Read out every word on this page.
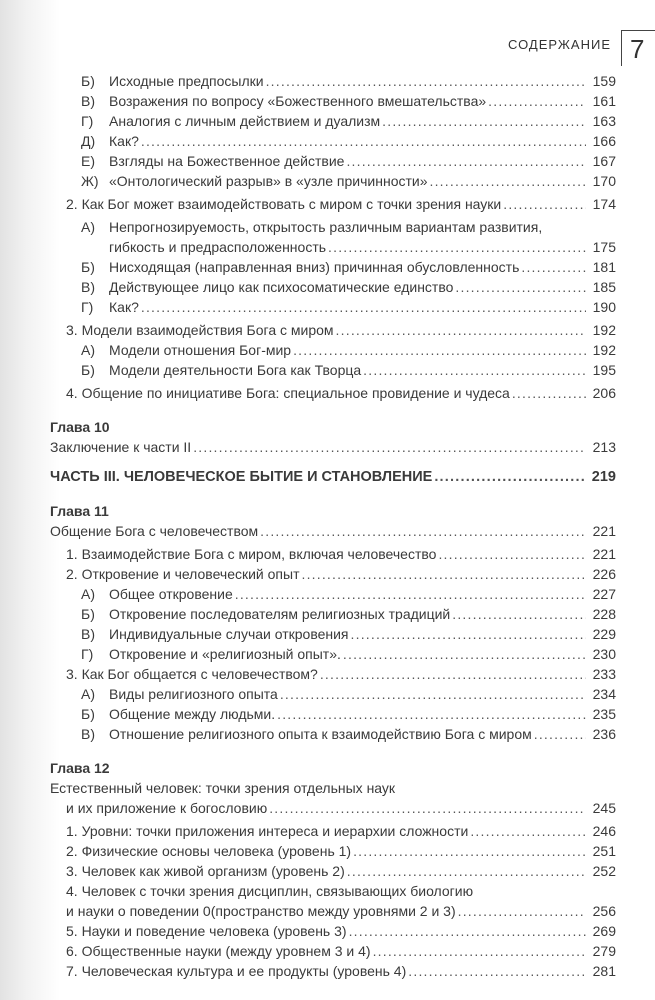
СОДЕРЖАНИЕ 7
Б)	Исходные предпосылки .....	159
В)	Возражения по вопросу «Божественного вмешательства» .....	161
Г)	Аналогия с личным действием и дуализм .....	163
Д) Как? .....	166
Е)	Взгляды на Божественное действие .....	167
Ж) «Онтологический разрыв» в «узле причинности» .....	170
2. Как Бог может взаимодействовать с миром с точки зрения науки .....	174
А)	Непрогнозируемость, открытость различным вариантам развития,
гибкость и предрасположенность .....	175
Б)	Нисходящая (направленная вниз) причинная обусловленность .....	181
В)	Действующее лицо как психосоматические единство .....	185
Г)	Как? .....	190
3. Модели взаимодействия Бога с миром .....	192
А)	Модели отношения Бог-мир .....	192
Б)	Модели деятельности Бога как Творца .....	195
4. Общение по инициативе Бога: специальное провидение и чудеса .....	206
Глава 10
Заключение к части II .....	213
ЧАСТЬ III. ЧЕЛОВЕЧЕСКОЕ БЫТИЕ И СТАНОВЛЕНИЕ .....	219
Глава 11
Общение Бога с человечеством .....	221
1. Взаимодействие Бога с миром, включая человечество .....	221
2. Откровение и человеческий опыт .....	226
А)	Общее откровение .....	227
Б)	Откровение последователям религиозных традиций .....	228
В)	Индивидуальные случаи откровения .....	229
Г)	Откровение и «религиозный опыт». .....	230
3. Как Бог общается с человечеством? .....	233
А)	Виды религиозного опыта .....	234
Б)	Общение между людьми. .....	235
В)	Отношение религиозного опыта к взаимодействию Бога с миром .....	236
Глава 12
Естественный человек: точки зрения отдельных наук
и их приложение к богословию .....	245
1. Уровни: точки приложения интереса и иерархии сложности .....	246
2. Физические основы человека (уровень 1) .....	251
3. Человек как живой организм (уровень 2) .....	252
4. Человек с точки зрения дисциплин, связывающих биологию
и науки о поведении 0(пространство между уровнями 2 и 3) .....	256
5. Науки и поведение человека (уровень 3) .....	269
6. Общественные науки (между уровнем 3 и 4) .....	279
7. Человеческая культура и ее продукты (уровень 4) .....	281
